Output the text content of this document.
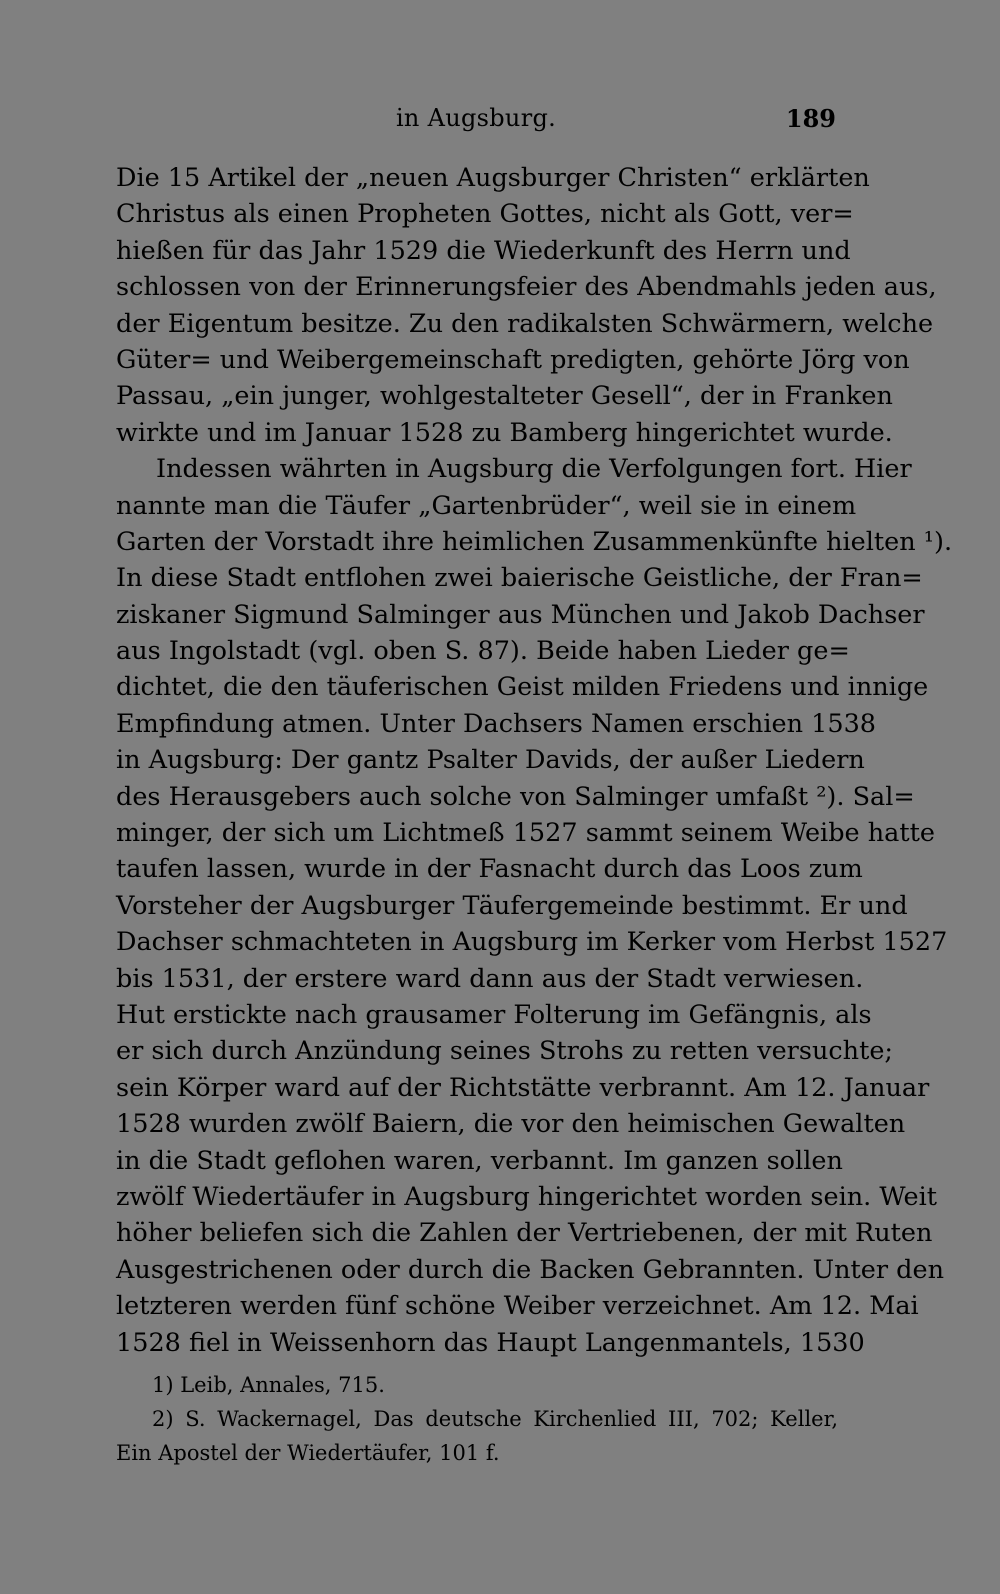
in Augsburg.	189
Die 15 Artikel der „neuen Augsburger Christen“ erklärten
Christus als einen Propheten Gottes, nicht als Gott, ver=
hießen für das Jahr 1529 die Wiederkunft des Herrn und
schlossen von der Erinnerungsfeier des Abendmahls jeden aus,
der Eigentum besitze. Zu den radikalsten Schwärmern, welche
Güter= und Weibergemeinschaft predigten, gehörte Jörg von
Passau, „ein junger, wohlgestalteter Gesell“, der in Franken
wirkte und im Januar 1528 zu Bamberg hingerichtet wurde.
Indessen währten in Augsburg die Verfolgungen fort. Hier
nannte man die Täufer „Gartenbrüder“, weil sie in einem
Garten der Vorstadt ihre heimlichen Zusammenkünfte hielten ¹).
In diese Stadt entflohen zwei baierische Geistliche, der Fran=
ziskaner Sigmund Salminger aus München und Jakob Dachser
aus Ingolstadt (vgl. oben S. 87). Beide haben Lieder ge=
dichtet, die den täuferischen Geist milden Friedens und innige
Empfindung atmen. Unter Dachsers Namen erschien 1538
in Augsburg: Der gantz Psalter Davids, der außer Liedern
des Herausgebers auch solche von Salminger umfaßt ²). Sal=
minger, der sich um Lichtmeß 1527 sammt seinem Weibe hatte
taufen lassen, wurde in der Fasnacht durch das Loos zum
Vorsteher der Augsburger Täufergemeinde bestimmt. Er und
Dachser schmachteten in Augsburg im Kerker vom Herbst 1527
bis 1531, der erstere ward dann aus der Stadt verwiesen.
Hut erstickte nach grausamer Folterung im Gefängnis, als
er sich durch Anzündung seines Strohs zu retten versuchte;
sein Körper ward auf der Richtstätte verbrannt. Am 12. Januar
1528 wurden zwölf Baiern, die vor den heimischen Gewalten
in die Stadt geflohen waren, verbannt. Im ganzen sollen
zwölf Wiedertäufer in Augsburg hingerichtet worden sein. Weit
höher beliefen sich die Zahlen der Vertriebenen, der mit Ruten
Ausgestrichenen oder durch die Backen Gebrannten. Unter den
letzteren werden fünf schöne Weiber verzeichnet. Am 12. Mai
1528 fiel in Weissenhorn das Haupt Langenmantels, 1530
1) Leib, Annales, 715.
2) S. Wackernagel, Das deutsche Kirchenlied III, 702; Keller,
Ein Apostel der Wiedertäufer, 101 f.
